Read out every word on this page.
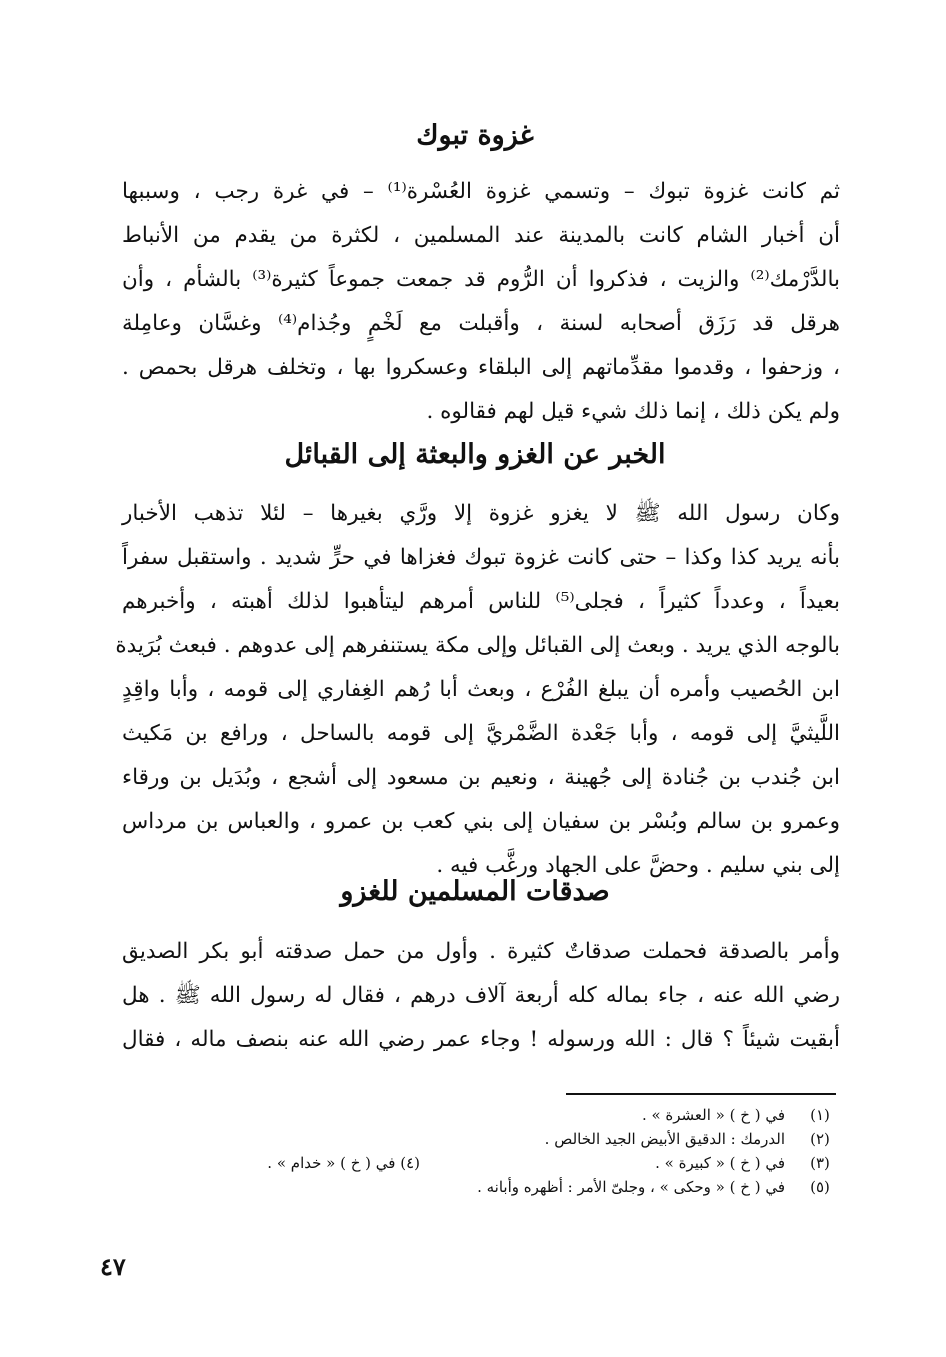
غزوة تبوك
ثم كانت غزوة تبوك – وتسمي غزوة العُسْرة⁽¹⁾ – في غرة رجب ، وسببها
أن أخبار الشام كانت بالمدينة عند المسلمين ، لكثرة من يقدم من الأنباط
بالدَّرْمك⁽²⁾ والزيت ، فذكروا أن الرُّوم قد جمعت جموعاً كثيرة⁽³⁾ بالشأم ، وأن
هرقل قد رَزَق أصحابه لسنة ، وأقبلت مع لَخْمٍ وجُذام⁽⁴⁾ وغسَّان وعامِلة
، وزحفوا ، وقدموا مقدِّماتهم إلى البلقاء وعسكروا بها ، وتخلف هرقل بحمص .
ولم يكن ذلك ، إنما ذلك شيء قيل لهم فقالوه .
الخبر عن الغزو والبعثة إلى القبائل
وكان رسول الله ﷺ لا يغزو غزوة إلا ورَّي بغيرها – لئلا تذهب الأخبار
بأنه يريد كذا وكذا – حتى كانت غزوة تبوك فغزاها في حرٍّ شديد . واستقبل سفراً
بعيداً ، وعدداً كثيراً ، فجلى⁽⁵⁾ للناس أمرهم ليتأهبوا لذلك أهبته ، وأخبرهم
بالوجه الذي يريد . وبعث إلى القبائل وإلى مكة يستنفرهم إلى عدوهم . فبعث بُرَيدة
ابن الحُصيب وأمره أن يبلغ الفُرْع ، وبعث أبا رُهم الغِفاري إلى قومه ، وأبا واقِدٍ
اللَّيثيَّ إلى قومه ، وأبا جَعْدة الضَّمْريَّ إلى قومه بالساحل ، ورافع بن مَكيث
ابن جُندب بن جُنادة إلى جُهينة ، ونعيم بن مسعود إلى أشجع ، وبُدَيل بن ورقاء
وعمرو بن سالم وبُسْر بن سفيان إلى بني كعب بن عمرو ، والعباس بن مرداس
إلى بني سليم . وحضَّ على الجهاد ورغَّب فيه .
صدقات المسلمين للغزو
وأمر بالصدقة فحملت صدقاتٌ كثيرة . وأول من حمل صدقته أبو بكر الصديق
رضي الله عنه ، جاء بماله كله أربعة آلاف درهم ، فقال له رسول الله ﷺ . هل
أبقيت شيئاً ؟ قال : الله ورسوله ! وجاء عمر رضي الله عنه بنصف ماله ، فقال
(١)
في ( خ ) « العشرة » .
(٢)
الدرمك : الدقيق الأبيض الجيد الخالص .
(٣)
في ( خ ) « كبيرة » .
(٤) في ( خ ) « خدام » .
(٥)
في ( خ ) « وحكى » ، وجلىّ الأمر : أظهره وأبانه .
٤٧
